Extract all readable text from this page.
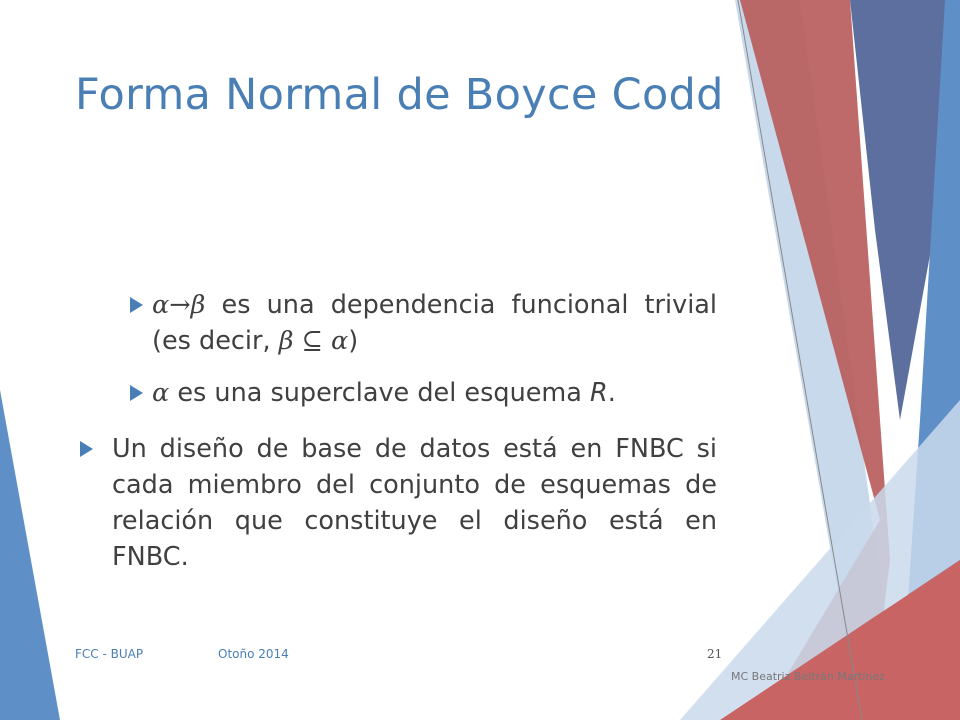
Forma Normal de Boyce Codd
α→β es una dependencia funcional trivial (es decir, β ⊆ α)
α es una superclave del esquema R.
Un diseño de base de datos está en FNBC si cada miembro del conjunto de esquemas de relación que constituye el diseño está en FNBC.
FCC - BUAP	Otoño 2014	21
MC Beatriz Beltrán Martínez
